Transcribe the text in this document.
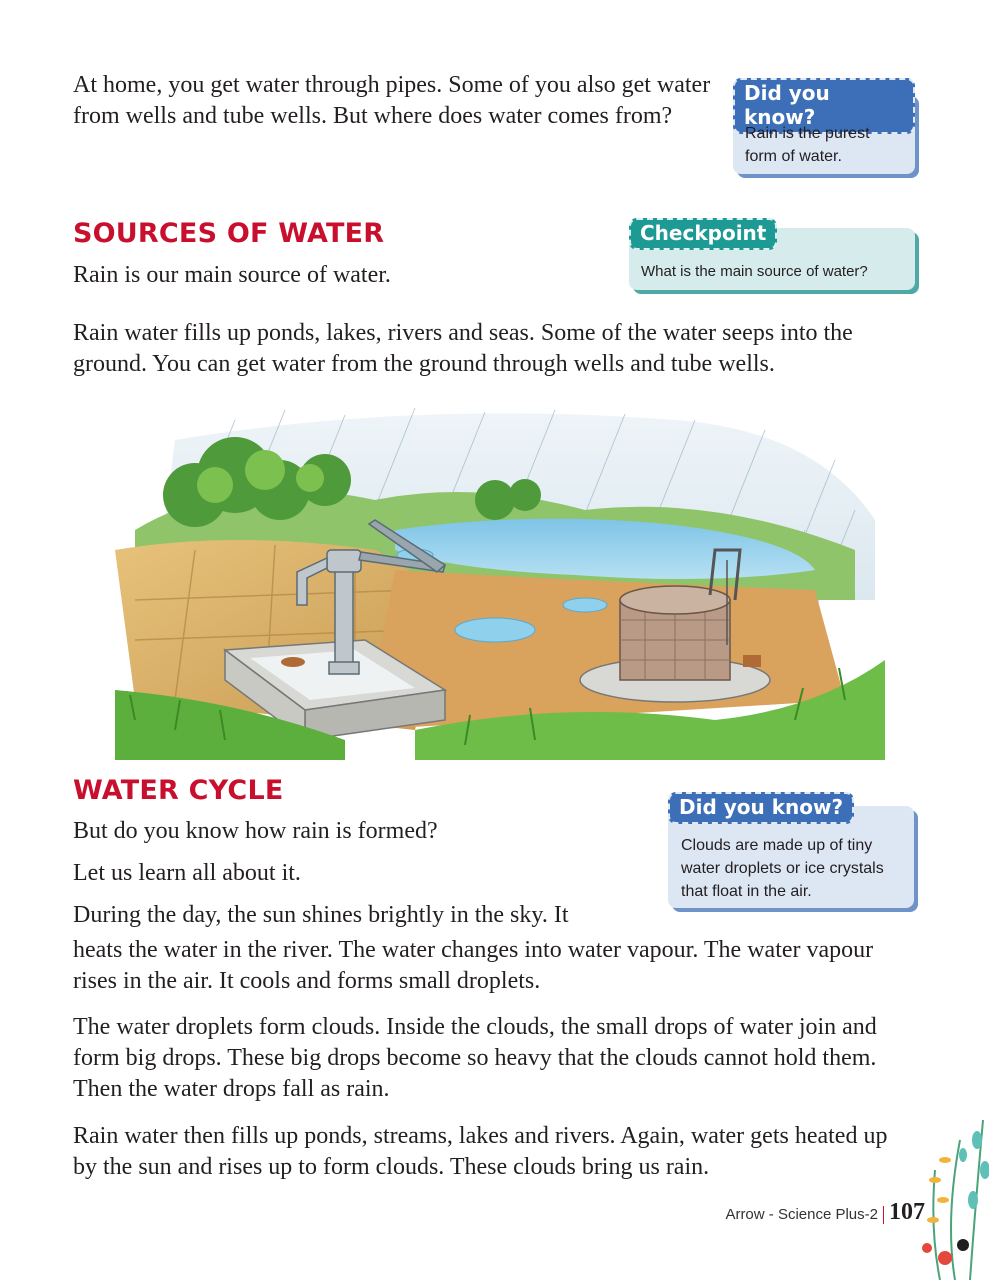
At home, you get water through pipes. Some of you also get water from wells and tube wells. But where does water comes from?

Did you know?
Rain is the purest form of water.
SOURCES OF WATER

Rain is our main source of water.

Checkpoint
What is the main source of water?

Rain water fills up ponds, lakes, rivers and seas. Some of the water seeps into the ground. You can get water from the ground through wells and tube wells.

WATER CYCLE
Did you know?
Clouds are made up of tiny water droplets or ice crystals that float in the air.

But do you know how rain is formed?

Let us learn all about it.

During the day, the sun shines brightly in the sky. It

heats the water in the river. The water changes into water vapour. The water vapour rises in the air. It cools and forms small droplets.

The water droplets form clouds. Inside the clouds, the small drops of water join and form big drops. These big drops become so heavy that the clouds cannot hold them. Then the water drops fall as rain.

Rain water then fills up ponds, streams, lakes and rivers. Again, water gets heated up by the sun and rises up to form clouds. These clouds bring us rain.

Arrow - Science Plus-2 107
